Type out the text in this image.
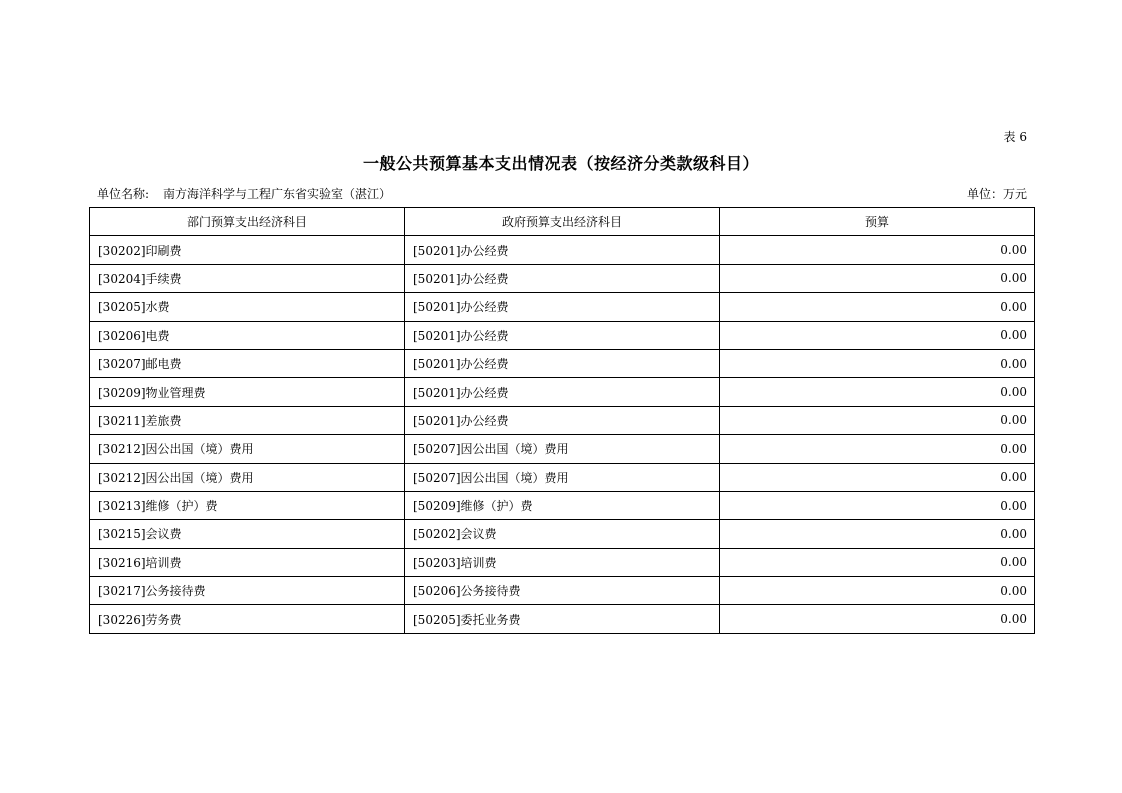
表 6
一般公共预算基本支出情况表（按经济分类款级科目）
单位名称: 南方海洋科学与工程广东省实验室（湛江）	单位：万元
部门预算支出经济科目	政府预算支出经济科目	预算
[30202]印刷费	[50201]办公经费	0.00
[30204]手续费	[50201]办公经费	0.00
[30205]水费	[50201]办公经费	0.00
[30206]电费	[50201]办公经费	0.00
[30207]邮电费	[50201]办公经费	0.00
[30209]物业管理费	[50201]办公经费	0.00
[30211]差旅费	[50201]办公经费	0.00
[30212]因公出国（境）费用	[50207]因公出国（境）费用	0.00
[30212]因公出国（境）费用	[50207]因公出国（境）费用	0.00
[30213]维修（护）费	[50209]维修（护）费	0.00
[30215]会议费	[50202]会议费	0.00
[30216]培训费	[50203]培训费	0.00
[30217]公务接待费	[50206]公务接待费	0.00
[30226]劳务费	[50205]委托业务费	0.00
